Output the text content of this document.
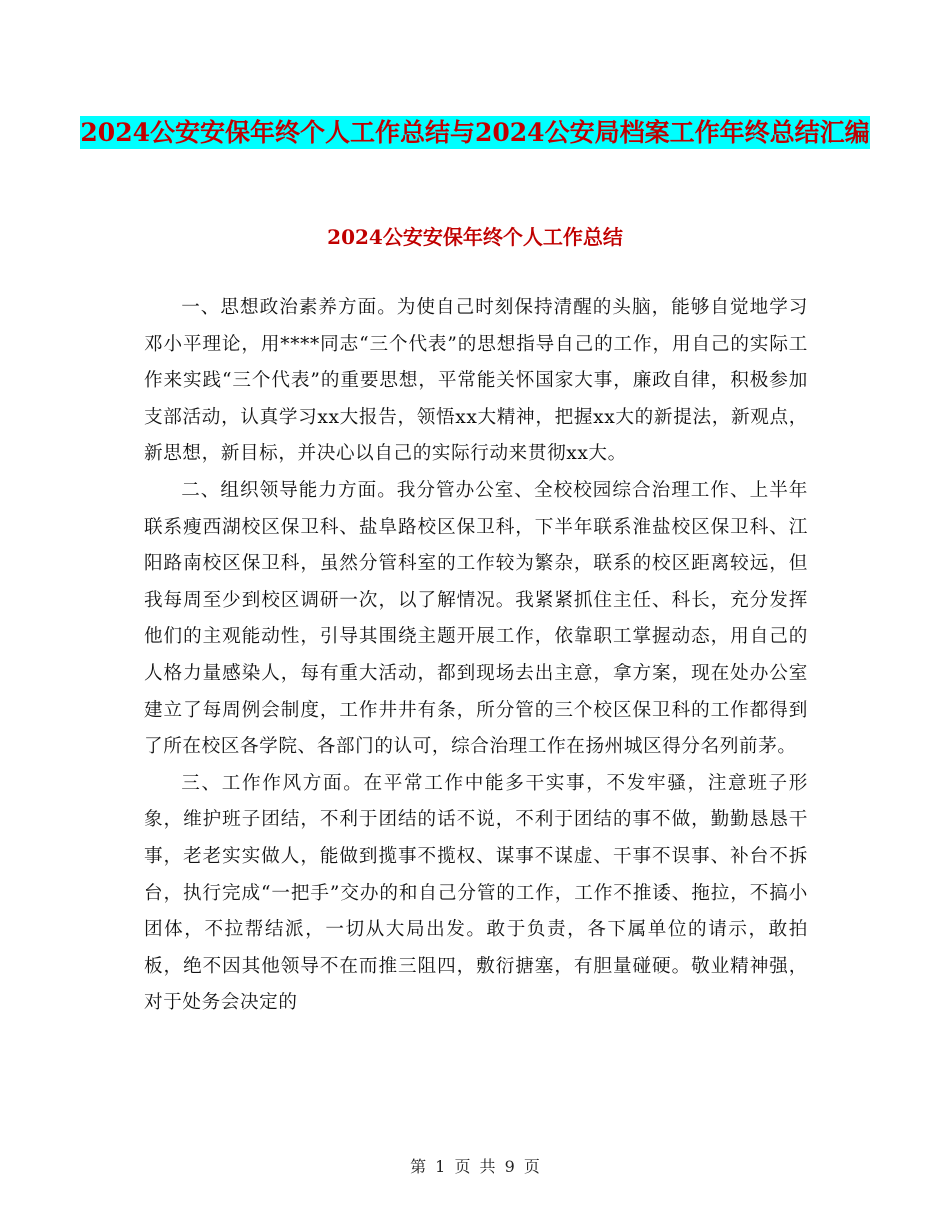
2024公安安保年终个人工作总结与2024公安局档案工作年终总结汇编
2024公安安保年终个人工作总结

一、思想政治素养方面。为使自己时刻保持清醒的头脑，能够自觉地学习邓小平理论，用****同志“三个代表”的思想指导自己的工作，用自己的实际工作来实践“三个代表”的重要思想，平常能关怀国家大事，廉政自律，积极参加支部活动，认真学习xx大报告，领悟xx大精神，把握xx大的新提法，新观点，新思想，新目标，并决心以自己的实际行动来贯彻xx大。

二、组织领导能力方面。我分管办公室、全校校园综合治理工作、上半年联系瘦西湖校区保卫科、盐阜路校区保卫科，下半年联系淮盐校区保卫科、江阳路南校区保卫科，虽然分管科室的工作较为繁杂，联系的校区距离较远，但我每周至少到校区调研一次，以了解情况。我紧紧抓住主任、科长，充分发挥他们的主观能动性，引导其围绕主题开展工作，依靠职工掌握动态，用自己的人格力量感染人，每有重大活动，都到现场去出主意，拿方案，现在处办公室建立了每周例会制度，工作井井有条，所分管的三个校区保卫科的工作都得到了所在校区各学院、各部门的认可，综合治理工作在扬州城区得分名列前茅。

三、工作作风方面。在平常工作中能多干实事，不发牢骚，注意班子形象，维护班子团结，不利于团结的话不说，不利于团结的事不做，勤勤恳恳干事，老老实实做人，能做到揽事不揽权、谋事不谋虚、干事不误事、补台不拆台，执行完成“一把手”交办的和自己分管的工作，工作不推诿、拖拉，不搞小团体，不拉帮结派，一切从大局出发。敢于负责，各下属单位的请示，敢拍板，绝不因其他领导不在而推三阻四，敷衍搪塞，有胆量碰硬。敬业精神强，对于处务会决定的

第 1 页 共 9 页
